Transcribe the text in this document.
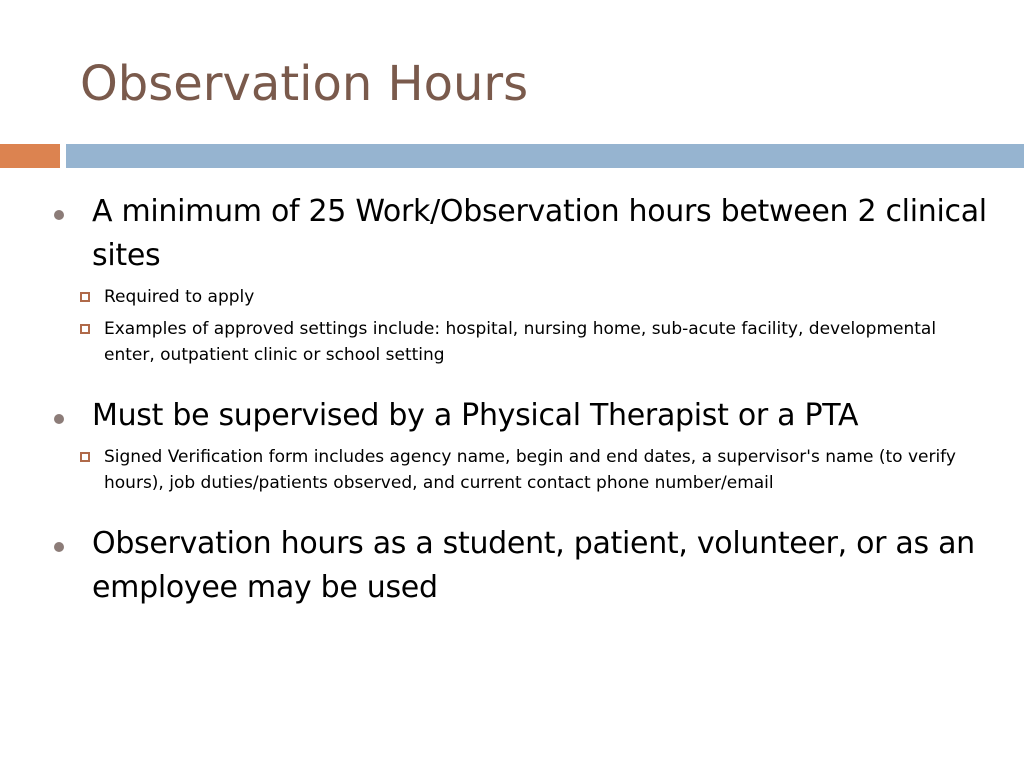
Observation Hours
A minimum of 25 Work/Observation hours between 2 clinical sites
Required to apply
Examples of approved settings include: hospital, nursing home, sub-acute facility, developmental enter, outpatient clinic or school setting
Must be supervised by a Physical Therapist or a PTA
Signed Verification form includes agency name, begin and end dates, a supervisor's name (to verify hours), job duties/patients observed, and current contact phone number/email
Observation hours as a student, patient, volunteer, or as an employee may be used
